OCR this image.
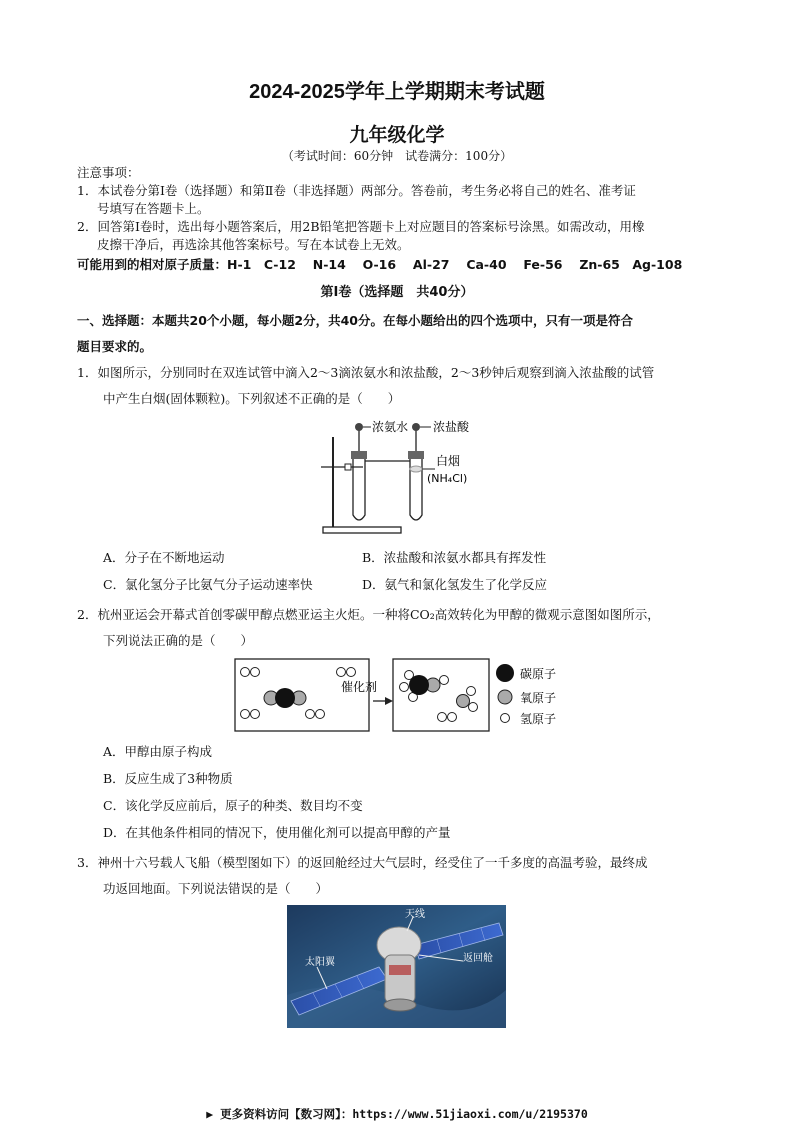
2024-2025学年上学期期末考试题
九年级化学
（考试时间：60分钟　试卷满分：100分）
注意事项：
1．本试卷分第Ⅰ卷（选择题）和第Ⅱ卷（非选择题）两部分。答卷前，考生务必将自己的姓名、准考证
号填写在答题卡上。
2．回答第Ⅰ卷时，选出每小题答案后，用2B铅笔把答题卡上对应题目的答案标号涂黑。如需改动，用橡
皮擦干净后，再选涂其他答案标号。写在本试卷上无效。
可能用到的相对原子质量：H-1　C-12　 N-14　 O-16　 Al-27　 Ca-40　 Fe-56　 Zn-65　Ag-108
第Ⅰ卷（选择题　共40分）
一、选择题：本题共20个小题，每小题2分，共40分。在每小题给出的四个选项中，只有一项是符合
题目要求的。
1．如图所示，分别同时在双连试管中滴入2～3滴浓氨水和浓盐酸，2～3秒钟后观察到滴入浓盐酸的试管
中产生白烟(固体颗粒)。下列叙述不正确的是（　　）
浓氨水 浓盐酸
白烟
(NH₄Cl)
A．分子在不断地运动	B．浓盐酸和浓氨水都具有挥发性
C．氯化氢分子比氨气分子运动速率快	D．氨气和氯化氢发生了化学反应
2．杭州亚运会开幕式首创零碳甲醇点燃亚运主火炬。一种将CO₂高效转化为甲醇的微观示意图如图所示，
下列说法正确的是（　　）
催化剂
碳原子
氧原子
氢原子
A．甲醇由原子构成
B．反应生成了3种物质
C．该化学反应前后，原子的种类、数目均不变
D．在其他条件相同的情况下，使用催化剂可以提高甲醇的产量
3．神州十六号载人飞船（模型图如下）的返回舱经过大气层时，经受住了一千多度的高温考验，最终成
功返回地面。下列说法错误的是（　　）
天线
返回舱
太阳翼
▶ 更多资料访问【数习网】：https://www.51jiaoxi.com/u/2195370
